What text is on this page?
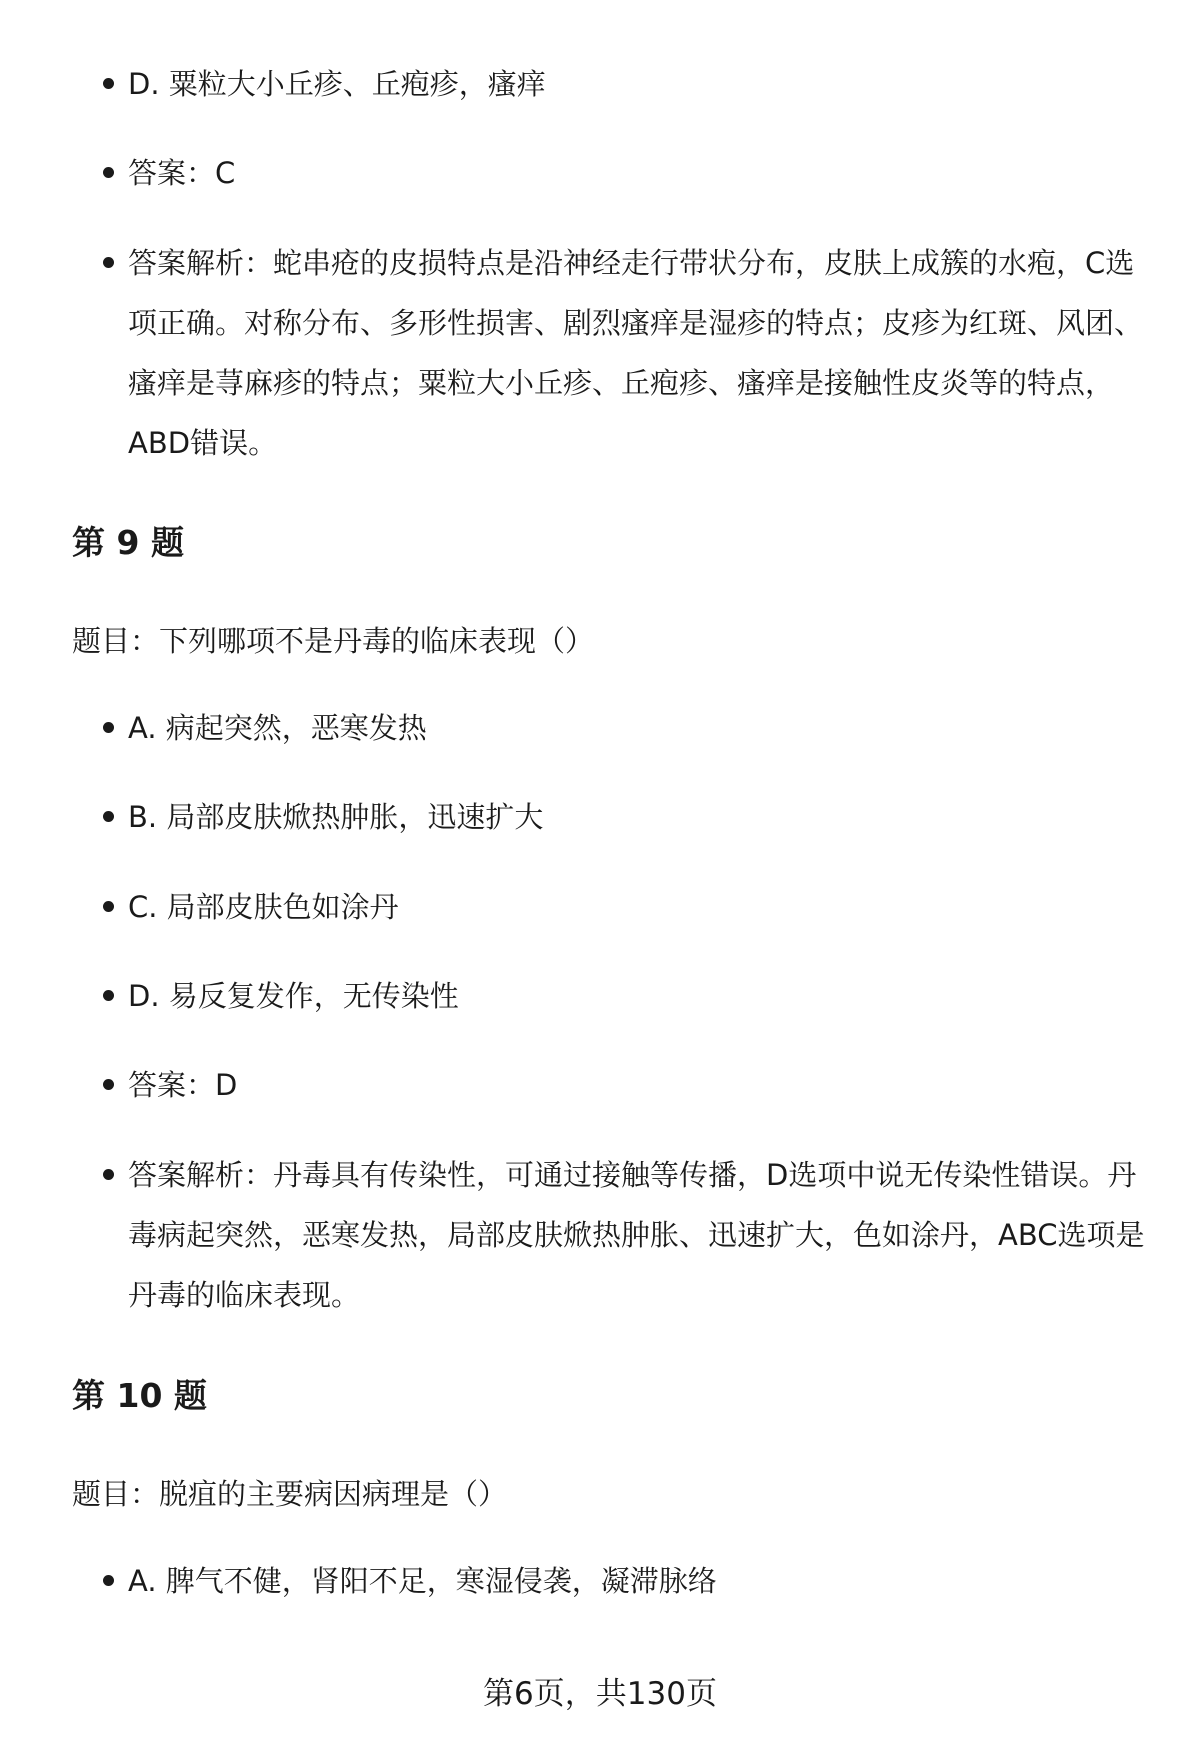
D. 粟粒大小丘疹、丘疱疹，瘙痒
答案：C
答案解析：蛇串疮的皮损特点是沿神经走行带状分布，皮肤上成簇的水疱，C选项正确。对称分布、多形性损害、剧烈瘙痒是湿疹的特点；皮疹为红斑、风团、瘙痒是荨麻疹的特点；粟粒大小丘疹、丘疱疹、瘙痒是接触性皮炎等的特点，ABD错误。
第 9 题
题目：下列哪项不是丹毒的临床表现（）
A. 病起突然，恶寒发热
B. 局部皮肤焮热肿胀，迅速扩大
C. 局部皮肤色如涂丹
D. 易反复发作，无传染性
答案：D
答案解析：丹毒具有传染性，可通过接触等传播，D选项中说无传染性错误。丹毒病起突然，恶寒发热，局部皮肤焮热肿胀、迅速扩大，色如涂丹，ABC选项是丹毒的临床表现。
第 10 题
题目：脱疽的主要病因病理是（）
A. 脾气不健，肾阳不足，寒湿侵袭，凝滞脉络
第6页，共130页
